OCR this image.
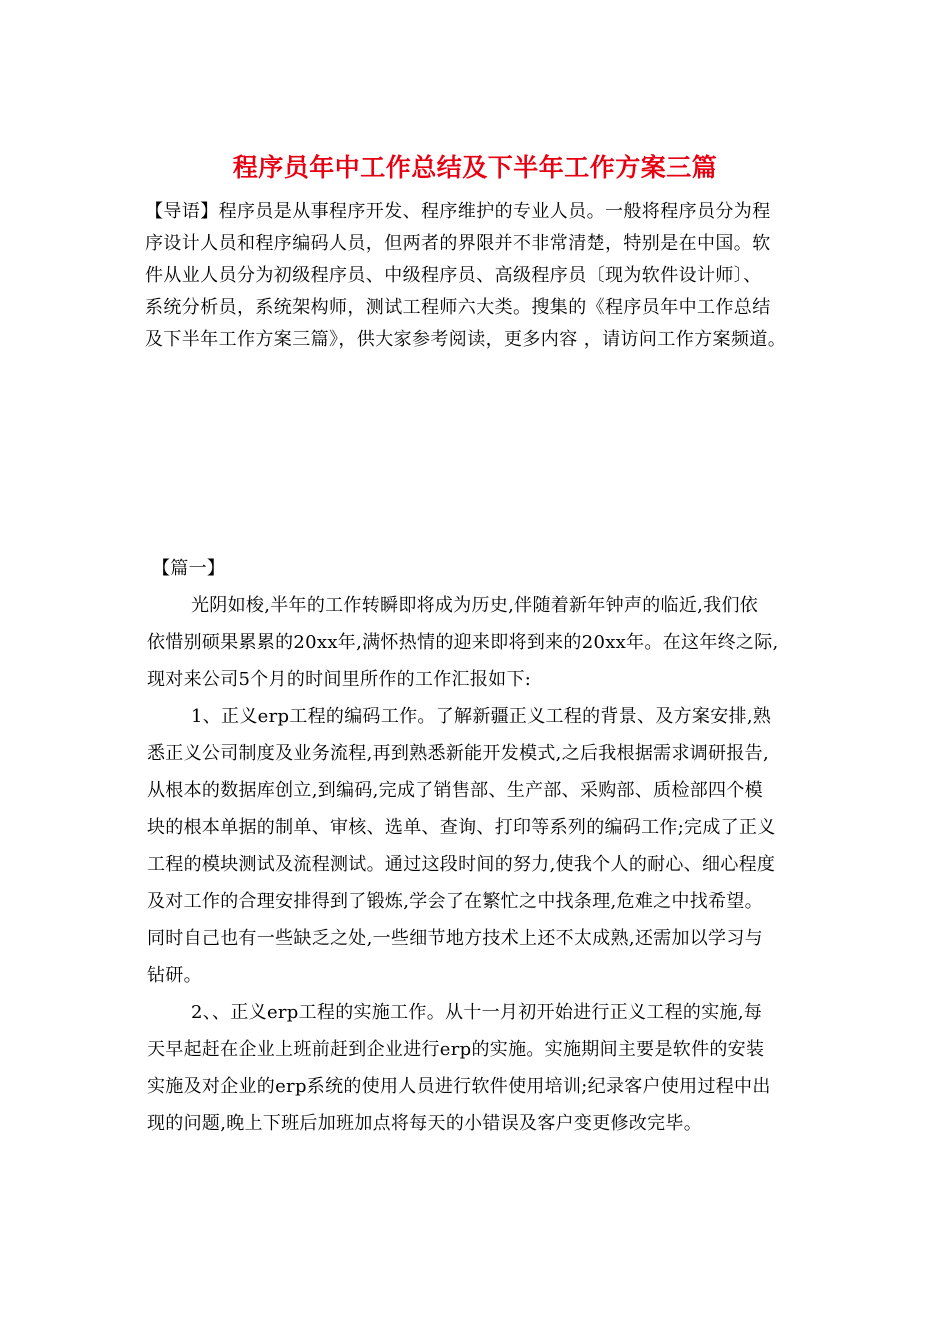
程序员年中工作总结及下半年工作方案三篇
【导语】程序员是从事程序开发、程序维护的专业人员。一般将程序员分为程
序设计人员和程序编码人员，但两者的界限并不非常清楚，特别是在中国。软
件从业人员分为初级程序员、中级程序员、高级程序员〔现为软件设计师〕、
系统分析员，系统架构师，测试工程师六大类。搜集的《程序员年中工作总结
及下半年工作方案三篇》，供大家参考阅读，更多内容 ，请访问工作方案频道。
【篇一】
光阴如梭,半年的工作转瞬即将成为历史,伴随着新年钟声的临近,我们依
依惜别硕果累累的20xx年,满怀热情的迎来即将到来的20xx年。在这年终之际,
现对来公司5个月的时间里所作的工作汇报如下:
1、正义erp工程的编码工作。了解新疆正义工程的背景、及方案安排,熟
悉正义公司制度及业务流程,再到熟悉新能开发模式,之后我根据需求调研报告,
从根本的数据库创立,到编码,完成了销售部、生产部、采购部、质检部四个模
块的根本单据的制单、审核、选单、查询、打印等系列的编码工作;完成了正义
工程的模块测试及流程测试。通过这段时间的努力,使我个人的耐心、细心程度
及对工作的合理安排得到了锻炼,学会了在繁忙之中找条理,危难之中找希望。
同时自己也有一些缺乏之处,一些细节地方技术上还不太成熟,还需加以学习与
钻研。
2、、正义erp工程的实施工作。从十一月初开始进行正义工程的实施,每
天早起赶在企业上班前赶到企业进行erp的实施。实施期间主要是软件的安装
实施及对企业的erp系统的使用人员进行软件使用培训;纪录客户使用过程中出
现的问题,晚上下班后加班加点将每天的小错误及客户变更修改完毕。
